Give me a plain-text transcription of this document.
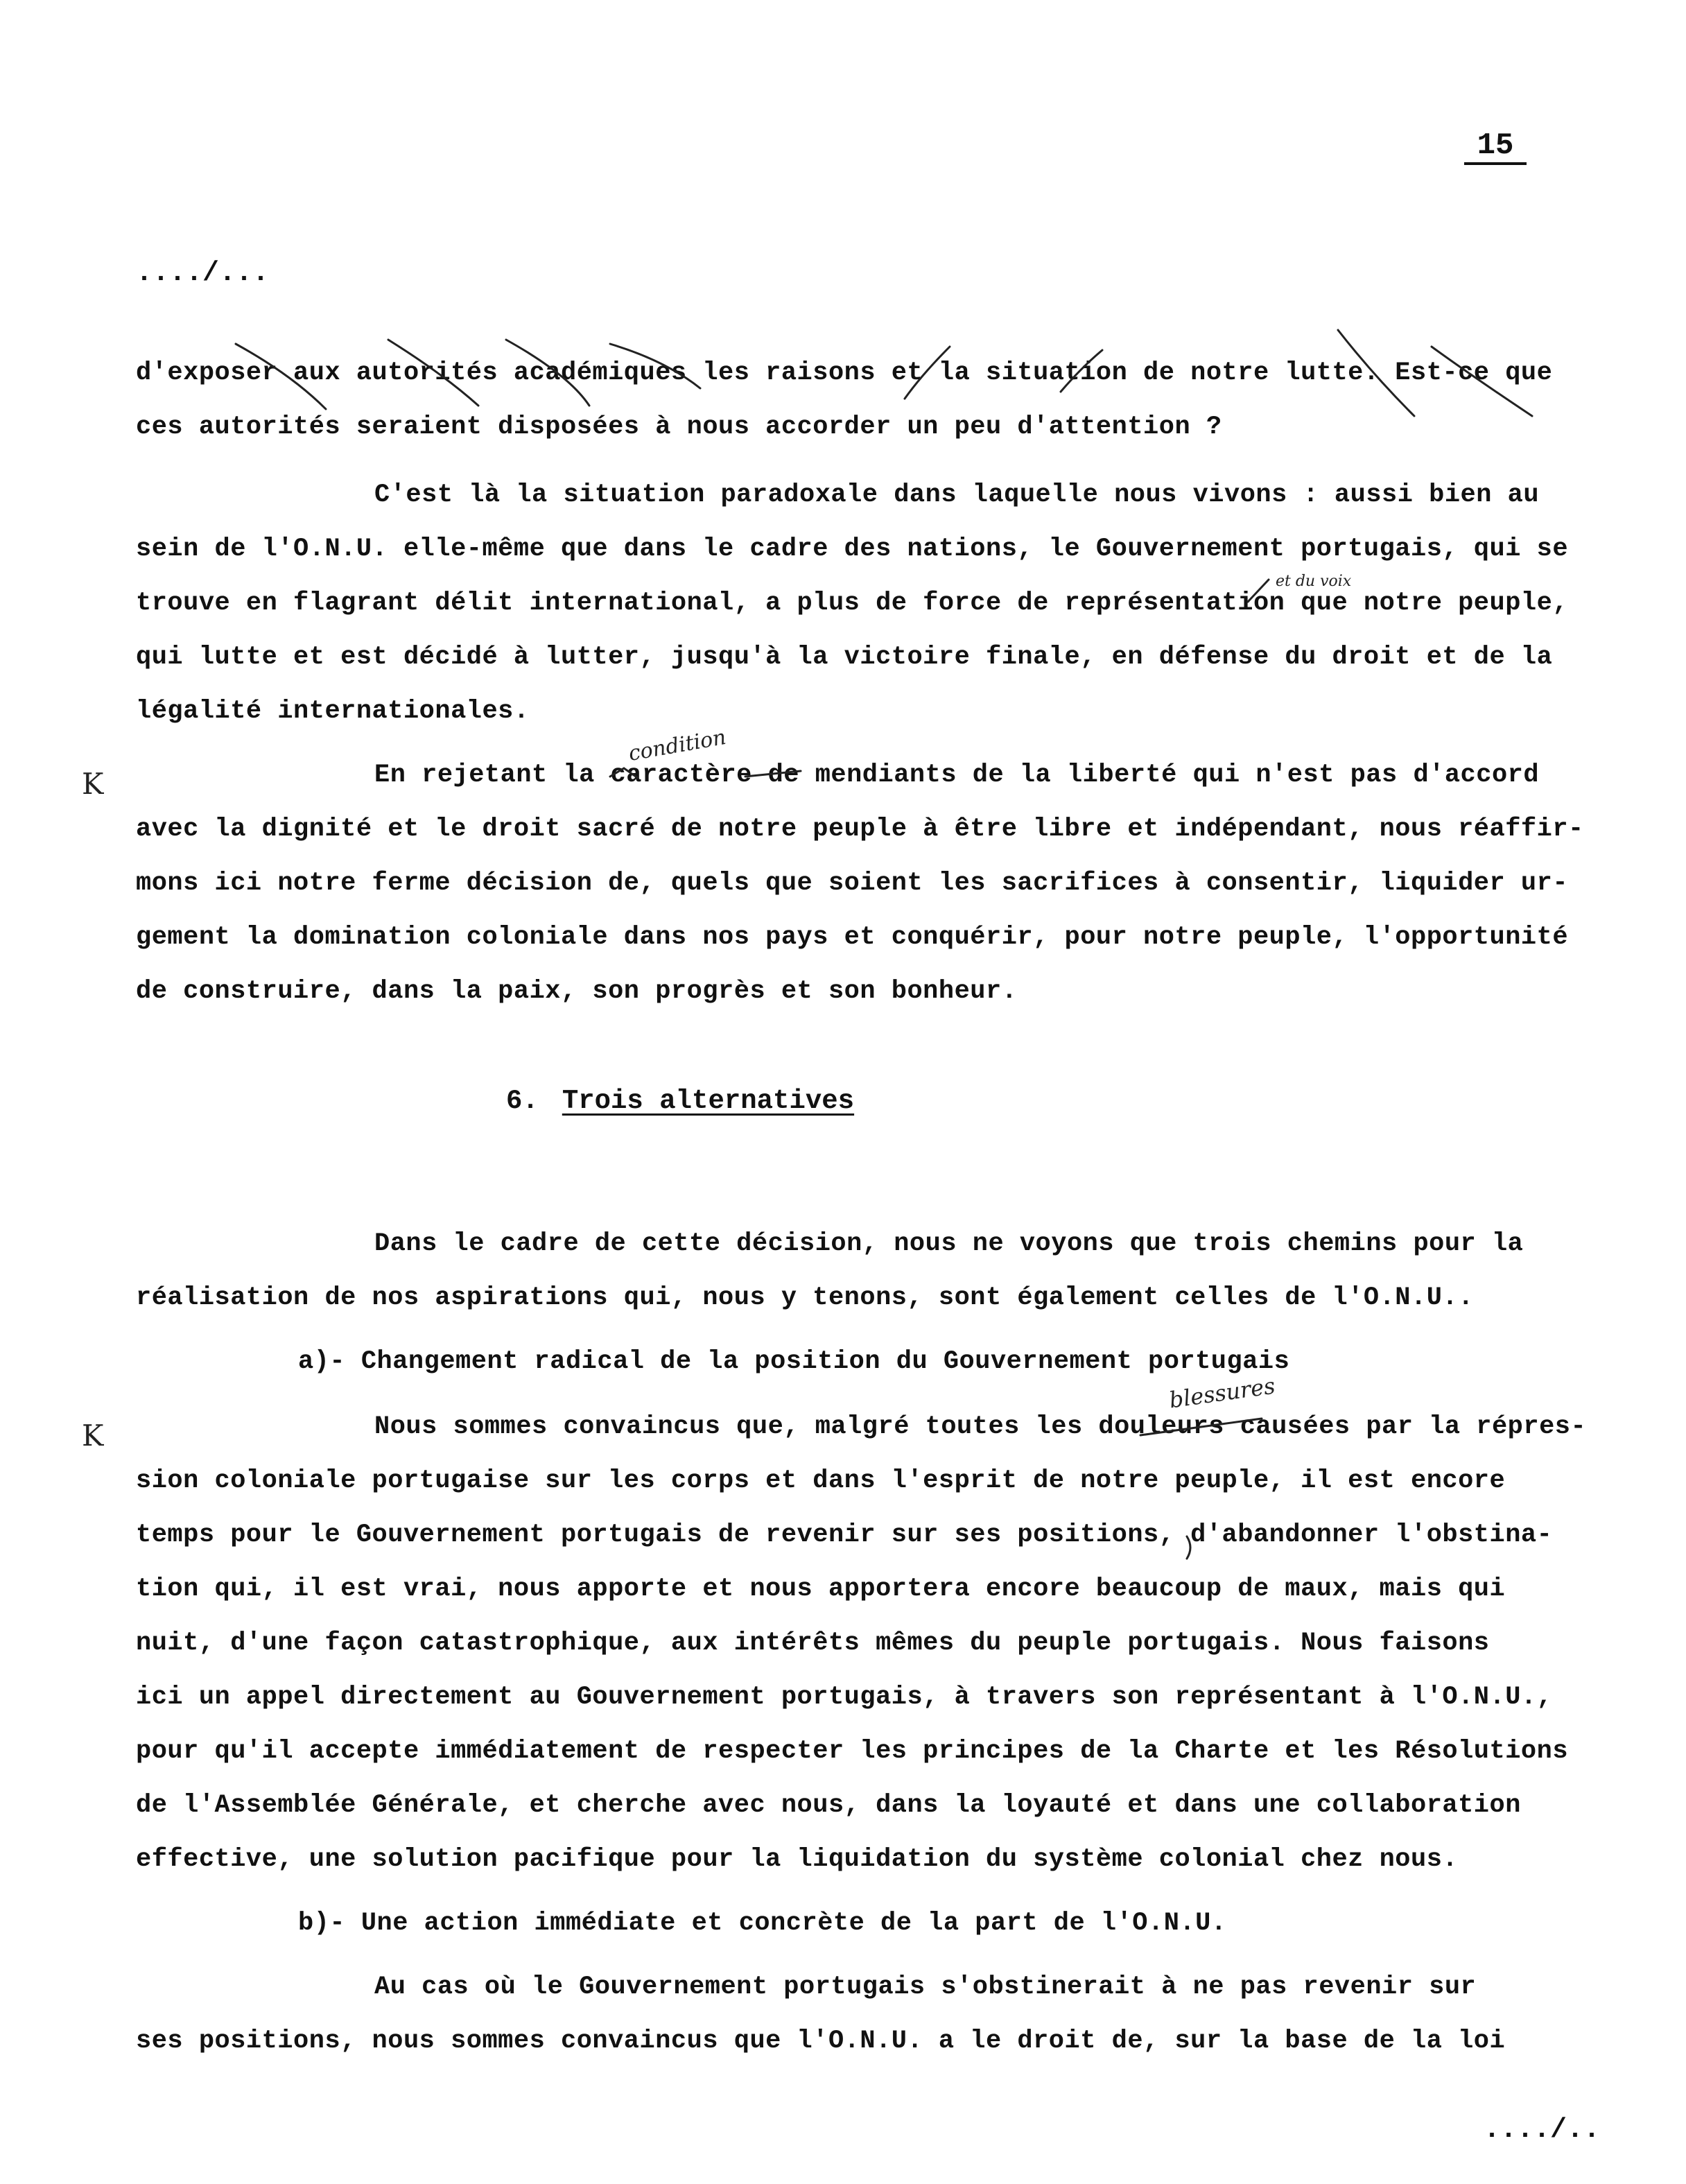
15
..../...

d'exposer aux autorités académiques les raisons et la situation de notre lutte. Est-ce que

ces autorités seraient disposées à nous accorder un peu d'attention ?

C'est là la situation paradoxale dans laquelle nous vivons : aussi bien au

sein de l'O.N.U. elle-même que dans le cadre des nations, le Gouvernement portugais, qui se

trouve en flagrant délit international, a plus de force de représentation que notre peuple,

qui lutte et est décidé à lutter, jusqu'à la victoire finale, en défense du droit et de la

légalité internationales.

En rejetant la caractère de mendiants de la liberté qui n'est pas d'accord

avec la dignité et le droit sacré de notre peuple à être libre et indépendant, nous réaffir-

mons ici notre ferme décision de, quels que soient les sacrifices à consentir, liquider ur-

gement la domination coloniale dans nos pays et conquérir, pour notre peuple, l'opportunité

de construire, dans la paix, son progrès et son bonheur.

6. Trois alternatives

Dans le cadre de cette décision, nous ne voyons que trois chemins pour la

réalisation de nos aspirations qui, nous y tenons, sont également celles de l'O.N.U..

a)- Changement radical de la position du Gouvernement portugais

Nous sommes convaincus que, malgré toutes les douleurs causées par la répres-

sion coloniale portugaise sur les corps et dans l'esprit de notre peuple, il est encore

temps pour le Gouvernement portugais de revenir sur ses positions, d'abandonner l'obstina-

tion qui, il est vrai, nous apporte et nous apportera encore beaucoup de maux, mais qui

nuit, d'une façon catastrophique, aux intérêts mêmes du peuple portugais. Nous faisons

ici un appel directement au Gouvernement portugais, à travers son représentant à l'O.N.U.,

pour qu'il accepte immédiatement de respecter les principes de la Charte et les Résolutions

de l'Assemblée Générale, et cherche avec nous, dans la loyauté et dans une collaboration

effective, une solution pacifique pour la liquidation du système colonial chez nous.

b)- Une action immédiate et concrète de la part de l'O.N.U.

Au cas où le Gouvernement portugais s'obstinerait à ne pas revenir sur

ses positions, nous sommes convaincus que l'O.N.U. a le droit de, sur la base de la loi

..../..
et du voix
condition
blessures
K
K
